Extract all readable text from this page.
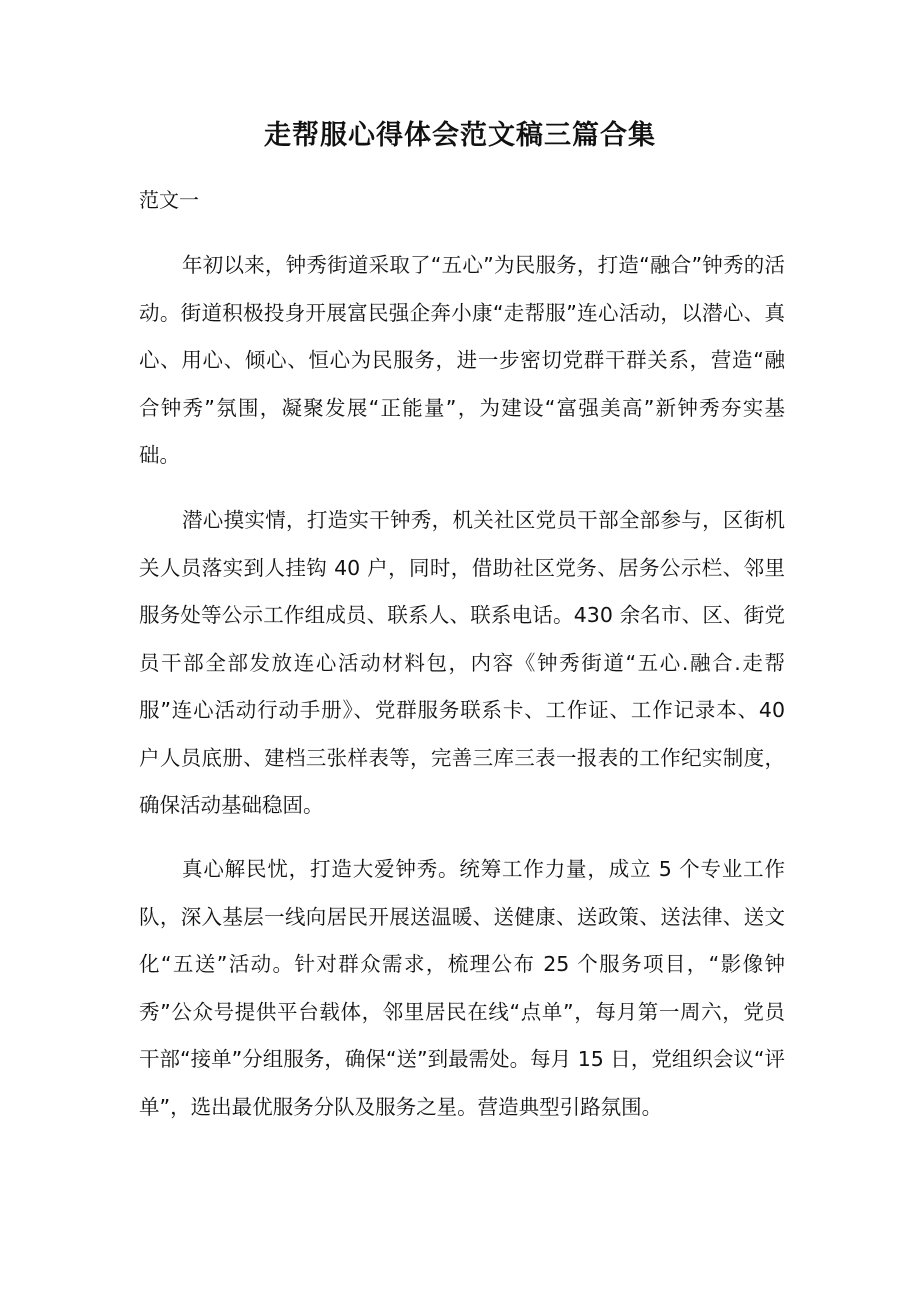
走帮服心得体会范文稿三篇合集
范文一

年初以来，钟秀街道采取了“五心”为民服务，打造“融合”钟秀的活动。街道积极投身开展富民强企奔小康“走帮服”连心活动，以潜心、真心、用心、倾心、恒心为民服务，进一步密切党群干群关系，营造“融合钟秀”氛围，凝聚发展“正能量”，为建设“富强美高”新钟秀夯实基础。

潜心摸实情，打造实干钟秀，机关社区党员干部全部参与，区街机关人员落实到人挂钩 40 户，同时，借助社区党务、居务公示栏、邻里服务处等公示工作组成员、联系人、联系电话。430 余名市、区、街党员干部全部发放连心活动材料包，内容《钟秀街道“五心.融合.走帮服”连心活动行动手册》、党群服务联系卡、工作证、工作记录本、40 户人员底册、建档三张样表等，完善三库三表一报表的工作纪实制度，确保活动基础稳固。

真心解民忧，打造大爱钟秀。统筹工作力量，成立 5 个专业工作队，深入基层一线向居民开展送温暖、送健康、送政策、送法律、送文化“五送”活动。针对群众需求，梳理公布 25 个服务项目，“影像钟秀”公众号提供平台载体，邻里居民在线“点单”，每月第一周六，党员干部“接单”分组服务，确保“送”到最需处。每月 15 日，党组织会议“评单”，选出最优服务分队及服务之星。营造典型引路氛围。
